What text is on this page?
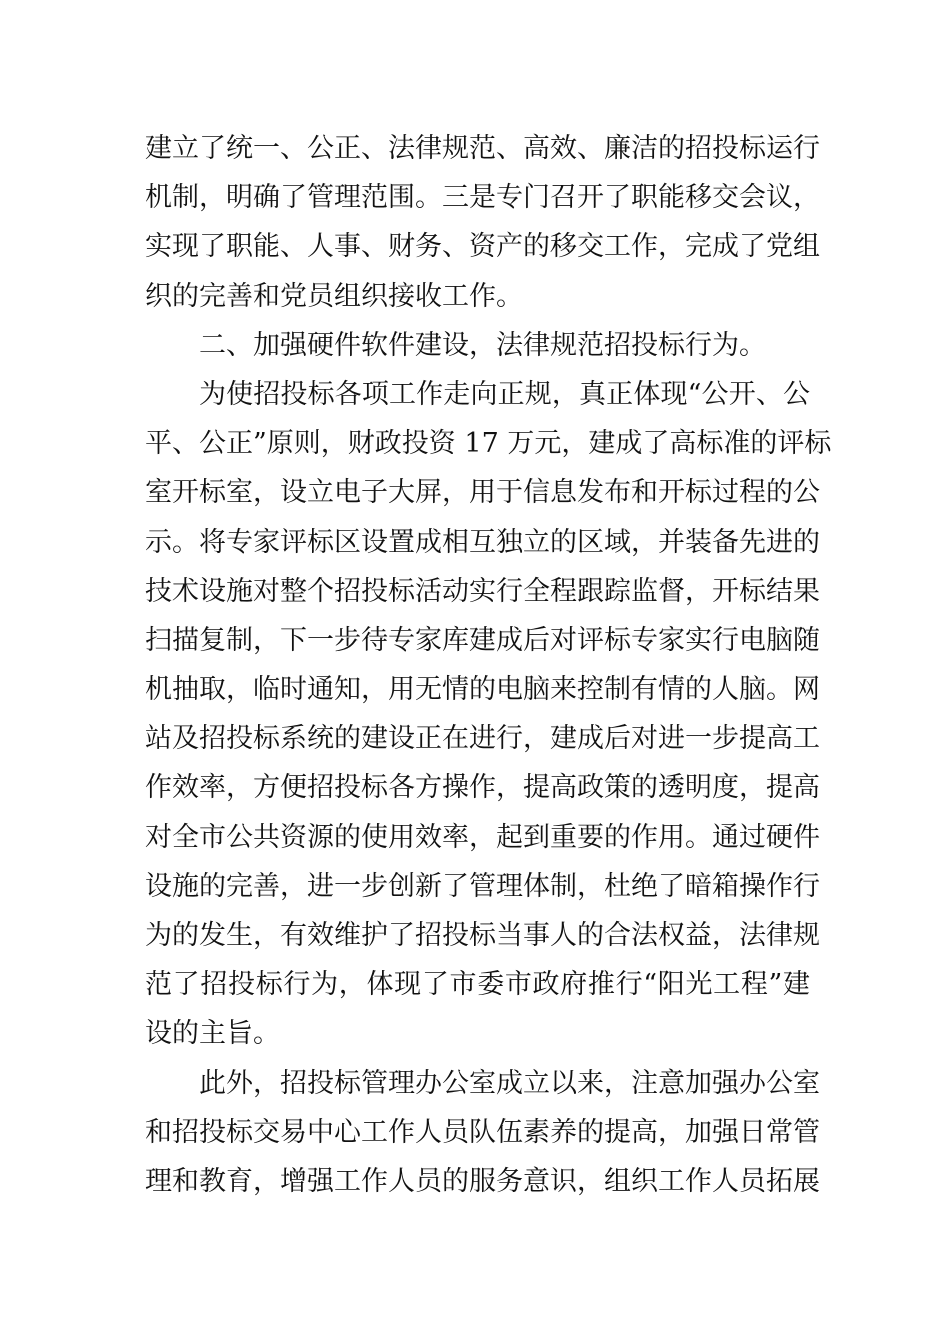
建立了统一、公正、法律规范、高效、廉洁的招投标运行
机制，明确了管理范围。三是专门召开了职能移交会议，
实现了职能、人事、财务、资产的移交工作，完成了党组
织的完善和党员组织接收工作。

二、加强硬件软件建设，法律规范招投标行为。

为使招投标各项工作走向正规，真正体现“公开、公
平、公正”原则，财政投资 17 万元，建成了高标准的评标
室开标室，设立电子大屏，用于信息发布和开标过程的公
示。将专家评标区设置成相互独立的区域，并装备先进的
技术设施对整个招投标活动实行全程跟踪监督，开标结果
扫描复制，下一步待专家库建成后对评标专家实行电脑随
机抽取，临时通知，用无情的电脑来控制有情的人脑。网
站及招投标系统的建设正在进行，建成后对进一步提高工
作效率，方便招投标各方操作，提高政策的透明度，提高
对全市公共资源的使用效率，起到重要的作用。通过硬件
设施的完善，进一步创新了管理体制，杜绝了暗箱操作行
为的发生，有效维护了招投标当事人的合法权益，法律规
范了招投标行为，体现了市委市政府推行“阳光工程”建
设的主旨。

此外，招投标管理办公室成立以来，注意加强办公室
和招投标交易中心工作人员队伍素养的提高，加强日常管
理和教育，增强工作人员的服务意识，组织工作人员拓展
